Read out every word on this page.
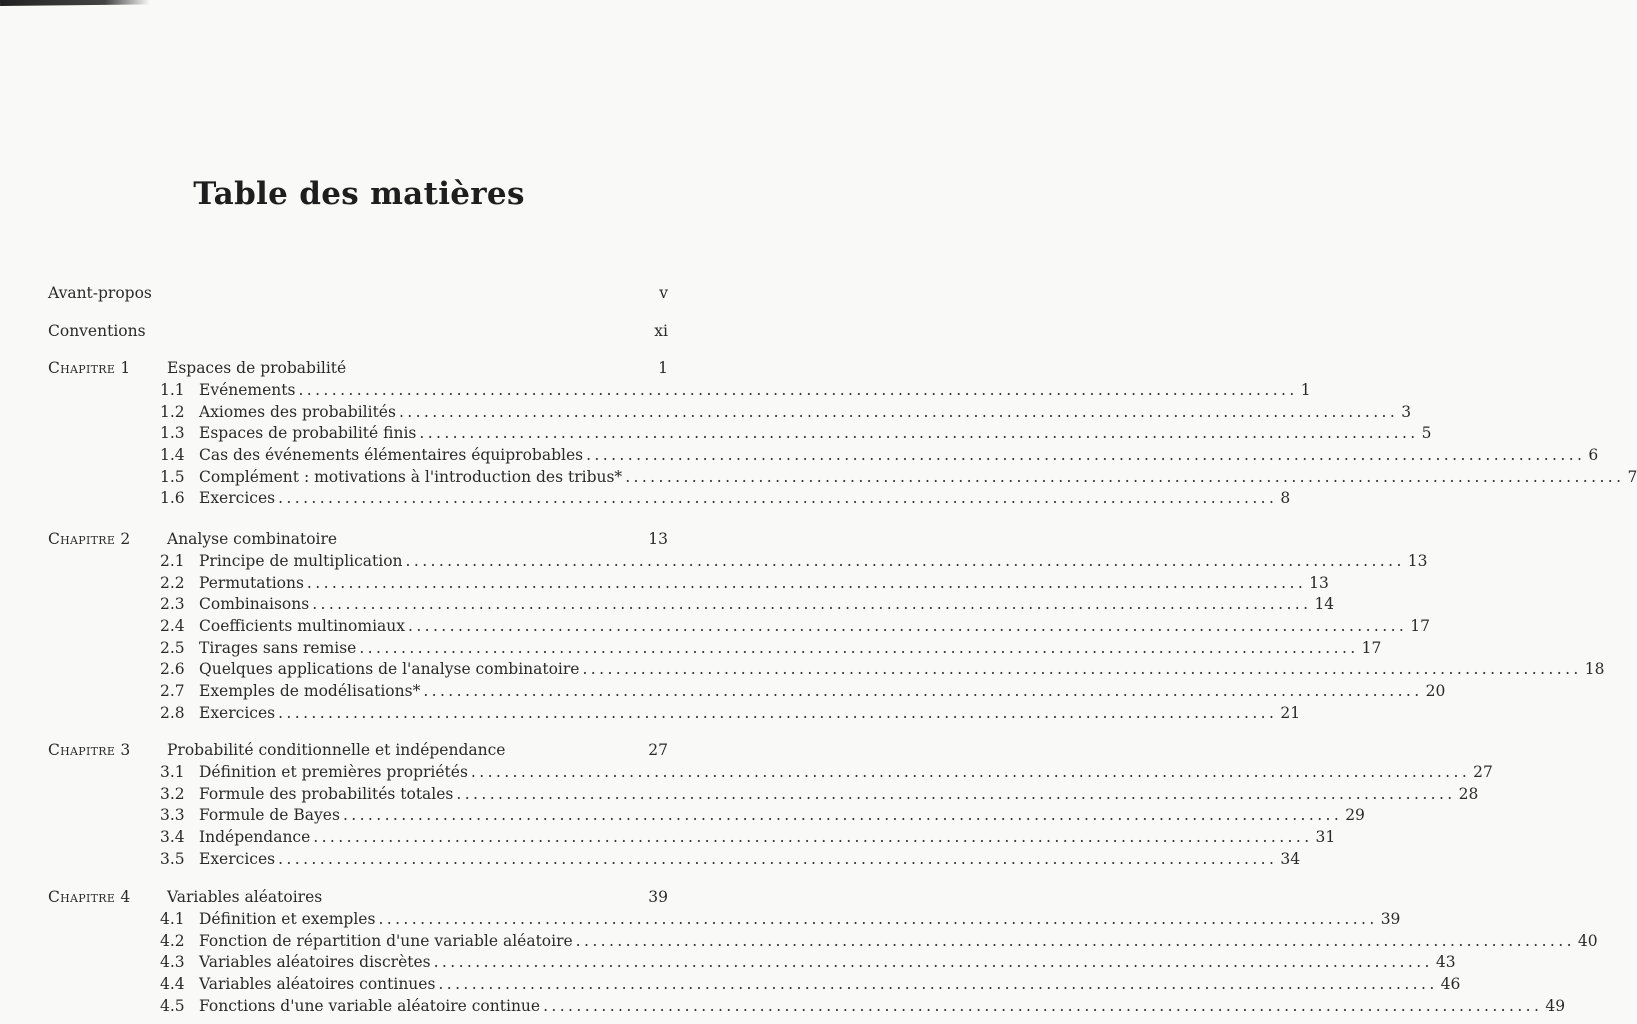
Table des matières
Avant-propos	v
Conventions	xi
Chapitre 1	Espaces de probabilité	1
1.1 Evénements ........................................................................................................................ 1
1.2 Axiomes des probabilités ........................................................................................................................ 3
1.3 Espaces de probabilité finis ........................................................................................................................ 5
1.4 Cas des événements élémentaires équiprobables ........................................................................................................................ 6
1.5 Complément : motivations à l'introduction des tribus* ........................................................................................................................ 7
1.6 Exercices ........................................................................................................................ 8
Chapitre 2	Analyse combinatoire	13
2.1 Principe de multiplication ........................................................................................................................ 13
2.2 Permutations ........................................................................................................................ 13
2.3 Combinaisons ........................................................................................................................ 14
2.4 Coefficients multinomiaux ........................................................................................................................ 17
2.5 Tirages sans remise ........................................................................................................................ 17
2.6 Quelques applications de l'analyse combinatoire ........................................................................................................................ 18
2.7 Exemples de modélisations* ........................................................................................................................ 20
2.8 Exercices ........................................................................................................................ 21
Chapitre 3	Probabilité conditionnelle et indépendance	27
3.1 Définition et premières propriétés ........................................................................................................................ 27
3.2 Formule des probabilités totales ........................................................................................................................ 28
3.3 Formule de Bayes ........................................................................................................................ 29
3.4 Indépendance ........................................................................................................................ 31
3.5 Exercices ........................................................................................................................ 34
Chapitre 4	Variables aléatoires	39
4.1 Définition et exemples ........................................................................................................................ 39
4.2 Fonction de répartition d'une variable aléatoire ........................................................................................................................ 40
4.3 Variables aléatoires discrètes ........................................................................................................................ 43
4.4 Variables aléatoires continues ........................................................................................................................ 46
4.5 Fonctions d'une variable aléatoire continue ........................................................................................................................ 49
